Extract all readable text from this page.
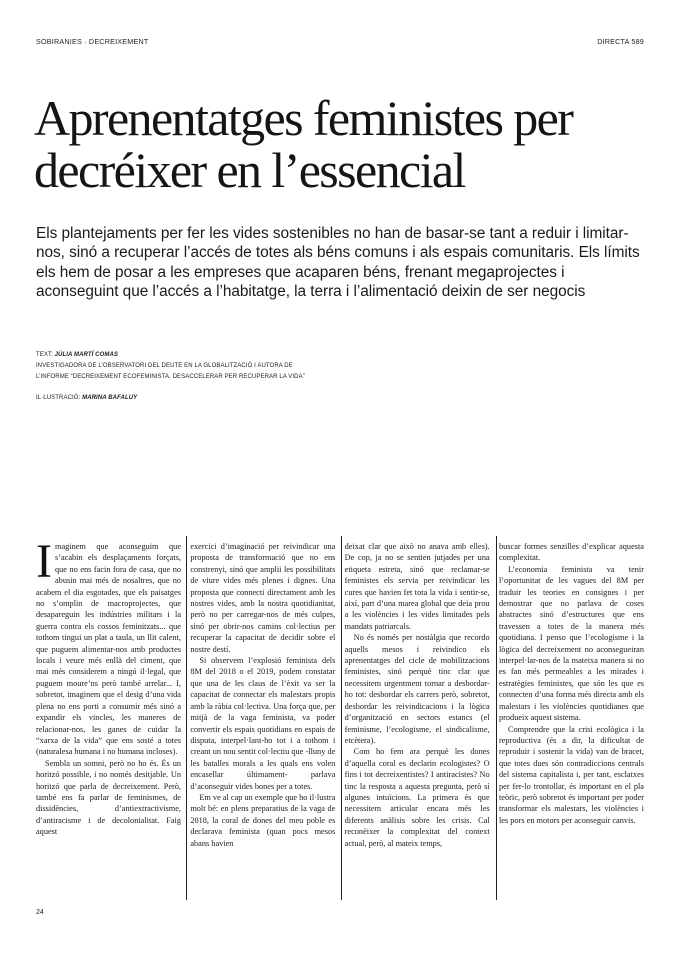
SOBIRANIES · DECREIXEMENT	DIRECTA 589
Aprenentatges feministes per decréixer en l’essencial

Els plantejaments per fer les vides sostenibles no han de basar-se tant a reduir i limitar-nos, sinó a recuperar l’accés de totes als béns comuns i als espais comunitaris. Els límits els hem de posar a les empreses que acaparen béns, frenant megaprojectes i aconseguint que l’accés a l’habitatge, la terra i l’alimentació deixin de ser negocis

TEXT: JÚLIA MARTÍ COMAS
INVESTIGADORA DE L’OBSERVATORI DEL DEUTE EN LA GLOBALITZACIÓ I AUTORA DE
L’INFORME “DECREIXEMENT ECOFEMINISTA. DESACCELERAR PER RECUPERAR LA VIDA”
IL·LUSTRACIÓ: MARINA BAFALUY

Imaginem que aconseguim que s’acabin els desplaçaments forçats, que no ens facin fora de casa, que no abusin mai més de nosaltres, que no acabem el dia esgotades, que els paisatges no s’omplin de macroprojectes, que desapareguin les indústries militars i la guerra contra els cossos feminitzats... que tothom tingui un plat a taula, un llit calent, que puguem alimentar-nos amb productes locals i veure més enllà del ciment, que mai més considerem a ningú il·legal, que puguem moure’ns però també arrelar... I, sobretot, imaginem que el desig d’una vida plena no ens porti a consumir més sinó a expandir els vincles, les maneres de relacionar-nos, les ganes de cuidar la “xarxa de la vida” que ens sosté a totes (naturalesa humana i no humana incloses).

Sembla un somni, però no ho és. És un horitzó possible, i no només desitjable. Un horitzó que parla de decreixement. Però, també ens fa parlar de feminismes, de dissidències, d’antiextractivisme, d’antiracisme i de decolonialitat. Faig aquest

exercici d’imaginació per reivindicar una proposta de transformació que no ens constrenyi, sinó que amplii les possibilitats de viure vides més plenes i dignes. Una proposta que connecti directament amb les nostres vides, amb la nostra quotidianitat, però no per carregar-nos de més culpes, sinó per obrir-nos camins col·lectius per recuperar la capacitat de decidir sobre el nostre destí.

Si observem l’explosió feminista dels 8M del 2018 o el 2019, podem constatar que una de les claus de l’èxit va ser la capacitat de connectar els malestars propis amb la ràbia col·lectiva. Una força que, per mitjà de la vaga feminista, va poder convertir els espais quotidians en espais de disputa, interpel·lant-ho tot i a tothom i creant un nou sentit col·lectiu que -lluny de les batalles morals a les quals ens volen encasellar últimament- parlava d’aconseguir vides bones per a totes.

Em ve al cap un exemple que ho il·lustra molt bé: en plens preparatius de la vaga de 2018, la coral de dones del meu poble es declarava feminista (quan pocs mesos abans havien

deixat clar que això no anava amb elles). De cop, ja no se sentien jutjades per una etiqueta estreta, sinó que reclamar-se feministes els servia per reivindicar les cures que havien fet tota la vida i sentir-se, així, part d’una marea global que deia prou a les violències i les vides limitades pels mandats patriarcals.

No és només per nostàlgia que recordo aquells mesos i reivindico els aprenentatges del cicle de mobilitzacions feministes, sinó perquè tinc clar que necessitem urgentment tornar a desbordar-ho tot: desbordar els carrers però, sobretot, desbordar les reivindicacions i la lògica d’organització en sectors estancs (el feminisme, l’ecologisme, el sindicalisme, etcètera).

Com ho fem ara perquè les dones d’aquella coral es declarin ecologistes? O fins i tot decreixentistes? I antiracistes? No tinc la resposta a aquesta pregunta, però sí algunes intuïcions. La primera és que necessitem articular encara més les diferents anàlisis sobre les crisis. Cal reconèixer la complexitat del context actual, però, al mateix temps,

buscar formes senzilles d’explicar aquesta complexitat.

L’economia feminista va tenir l’oportunitat de les vagues del 8M per traduir les teories en consignes i per demostrar que no parlava de coses abstractes sinó d’estructures que ens travessen a totes de la manera més quotidiana. I penso que l’ecologisme i la lògica del decreixement no aconsegueiran interpel·lar-nos de la mateixa manera si no es fan més permeables a les mirades i estratègies feministes, que són les que es connecten d’una forma més directa amb els malestars i les violències quotidianes que produeix aquest sistema.

Comprendre que la crisi ecològica i la reproductiva (és a dir, la dificultat de reproduir i sostenir la vida) van de bracet, que totes dues són contradiccions centrals del sistema capitalista i, per tant, esclatxes per fer-lo trontollar, és important en el pla teòric, però sobretot és important per poder transformar els malestars, les violències i les pors en motors per aconseguir canvis.

24
